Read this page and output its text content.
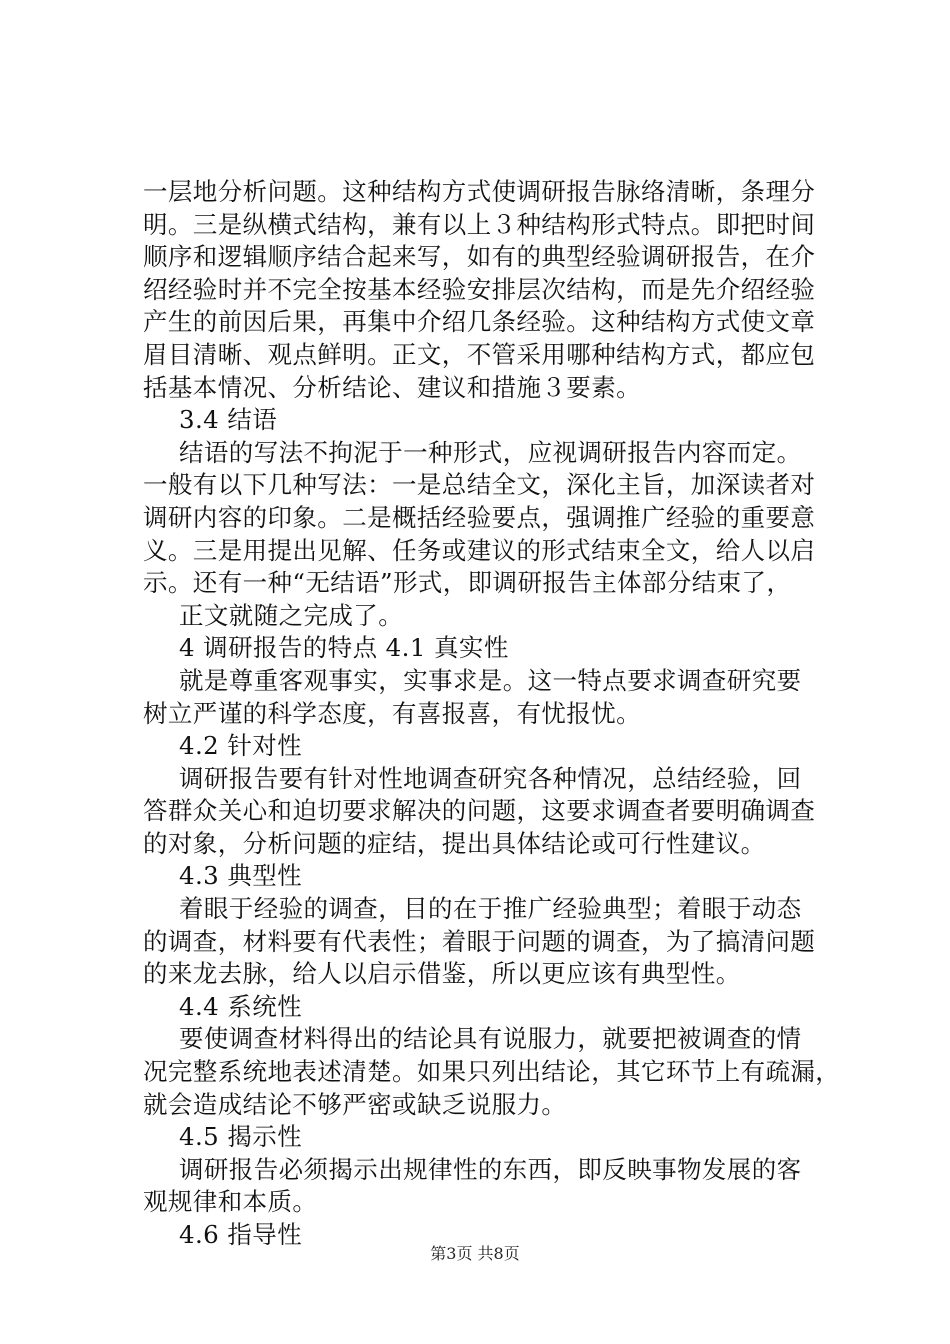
一层地分析问题。这种结构方式使调研报告脉络清晰，条理分
明。三是纵横式结构，兼有以上３种结构形式特点。即把时间
顺序和逻辑顺序结合起来写，如有的典型经验调研报告，在介
绍经验时并不完全按基本经验安排层次结构，而是先介绍经验
产生的前因后果，再集中介绍几条经验。这种结构方式使文章
眉目清晰、观点鲜明。正文，不管采用哪种结构方式，都应包
括基本情况、分析结论、建议和措施３要素。
3.4 结语
结语的写法不拘泥于一种形式，应视调研报告内容而定。
一般有以下几种写法：一是总结全文，深化主旨，加深读者对
调研内容的印象。二是概括经验要点，强调推广经验的重要意
义。三是用提出见解、任务或建议的形式结束全文，给人以启
示。还有一种“无结语”形式，即调研报告主体部分结束了，
正文就随之完成了。
4 调研报告的特点 4.1 真实性
就是尊重客观事实，实事求是。这一特点要求调查研究要
树立严谨的科学态度，有喜报喜，有忧报忧。
4.2 针对性
调研报告要有针对性地调查研究各种情况，总结经验，回
答群众关心和迫切要求解决的问题，这要求调查者要明确调查
的对象，分析问题的症结，提出具体结论或可行性建议。
4.3 典型性
着眼于经验的调查，目的在于推广经验典型；着眼于动态
的调查，材料要有代表性；着眼于问题的调查，为了搞清问题
的来龙去脉，给人以启示借鉴，所以更应该有典型性。
4.4 系统性
要使调查材料得出的结论具有说服力，就要把被调查的情
况完整系统地表述清楚。如果只列出结论，其它环节上有疏漏，
就会造成结论不够严密或缺乏说服力。
4.5 揭示性
调研报告必须揭示出规律性的东西，即反映事物发展的客
观规律和本质。
4.6 指导性
第3页 共8页
